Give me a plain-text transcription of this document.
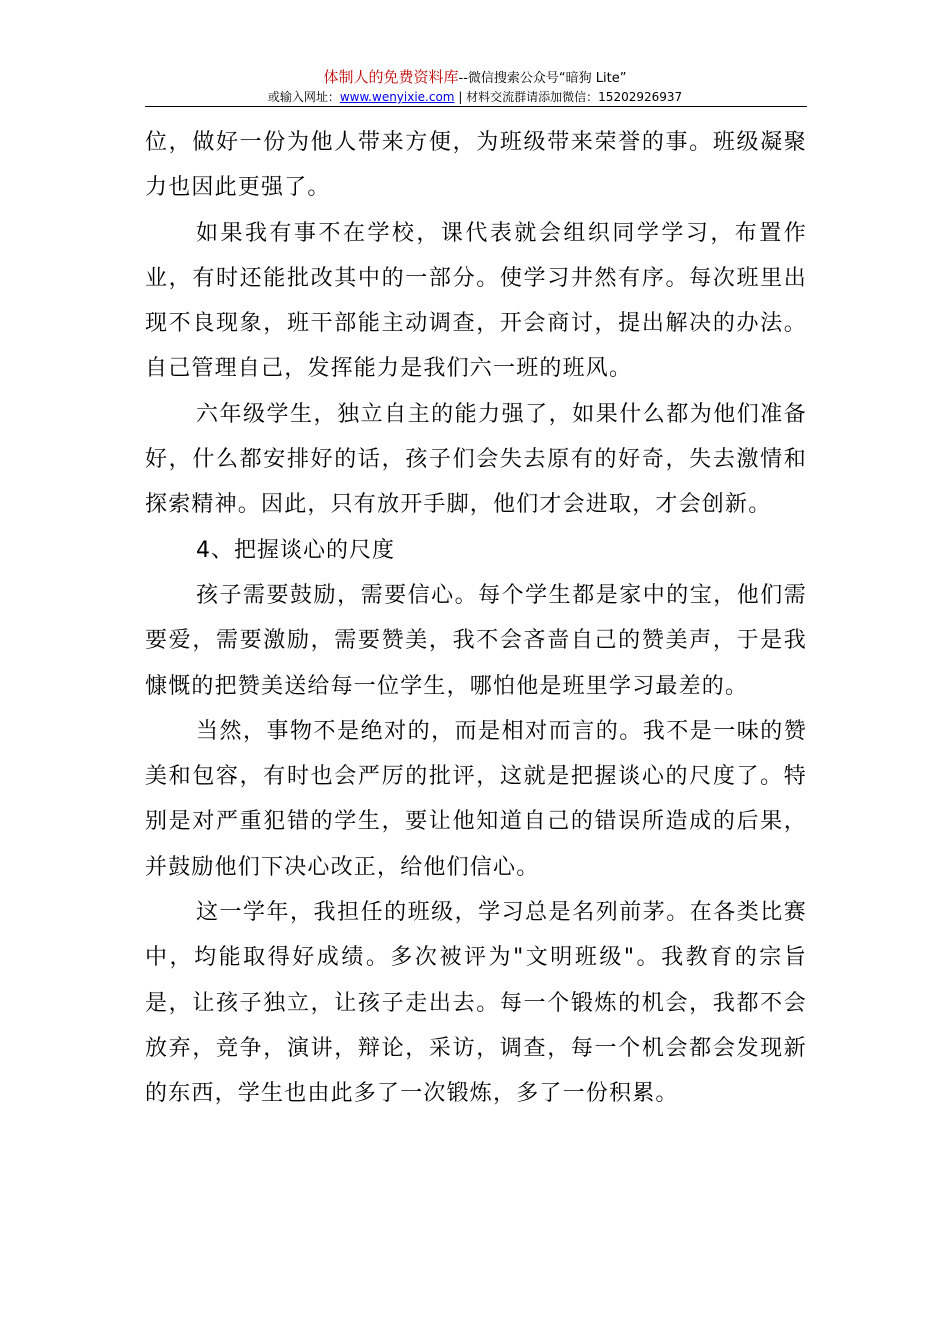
体制人的免费资料库--微信搜索公众号“暗狗 Lite”
或输入网址：www.wenyixie.com | 材料交流群请添加微信：15202926937

位，做好一份为他人带来方便，为班级带来荣誉的事。班级凝聚力也因此更强了。

如果我有事不在学校，课代表就会组织同学学习，布置作业，有时还能批改其中的一部分。使学习井然有序。每次班里出现不良现象，班干部能主动调查，开会商讨，提出解决的办法。自己管理自己，发挥能力是我们六一班的班风。

六年级学生，独立自主的能力强了，如果什么都为他们准备好，什么都安排好的话，孩子们会失去原有的好奇，失去激情和探索精神。因此，只有放开手脚，他们才会进取，才会创新。

4、把握谈心的尺度

孩子需要鼓励，需要信心。每个学生都是家中的宝，他们需要爱，需要激励，需要赞美，我不会吝啬自己的赞美声，于是我慷慨的把赞美送给每一位学生，哪怕他是班里学习最差的。

当然，事物不是绝对的，而是相对而言的。我不是一味的赞美和包容，有时也会严厉的批评，这就是把握谈心的尺度了。特别是对严重犯错的学生，要让他知道自己的错误所造成的后果，并鼓励他们下决心改正，给他们信心。

这一学年，我担任的班级，学习总是名列前茅。在各类比赛中，均能取得好成绩。多次被评为"文明班级"。我教育的宗旨是，让孩子独立，让孩子走出去。每一个锻炼的机会，我都不会放弃，竞争，演讲，辩论，采访，调查，每一个机会都会发现新的东西，学生也由此多了一次锻炼，多了一份积累。
